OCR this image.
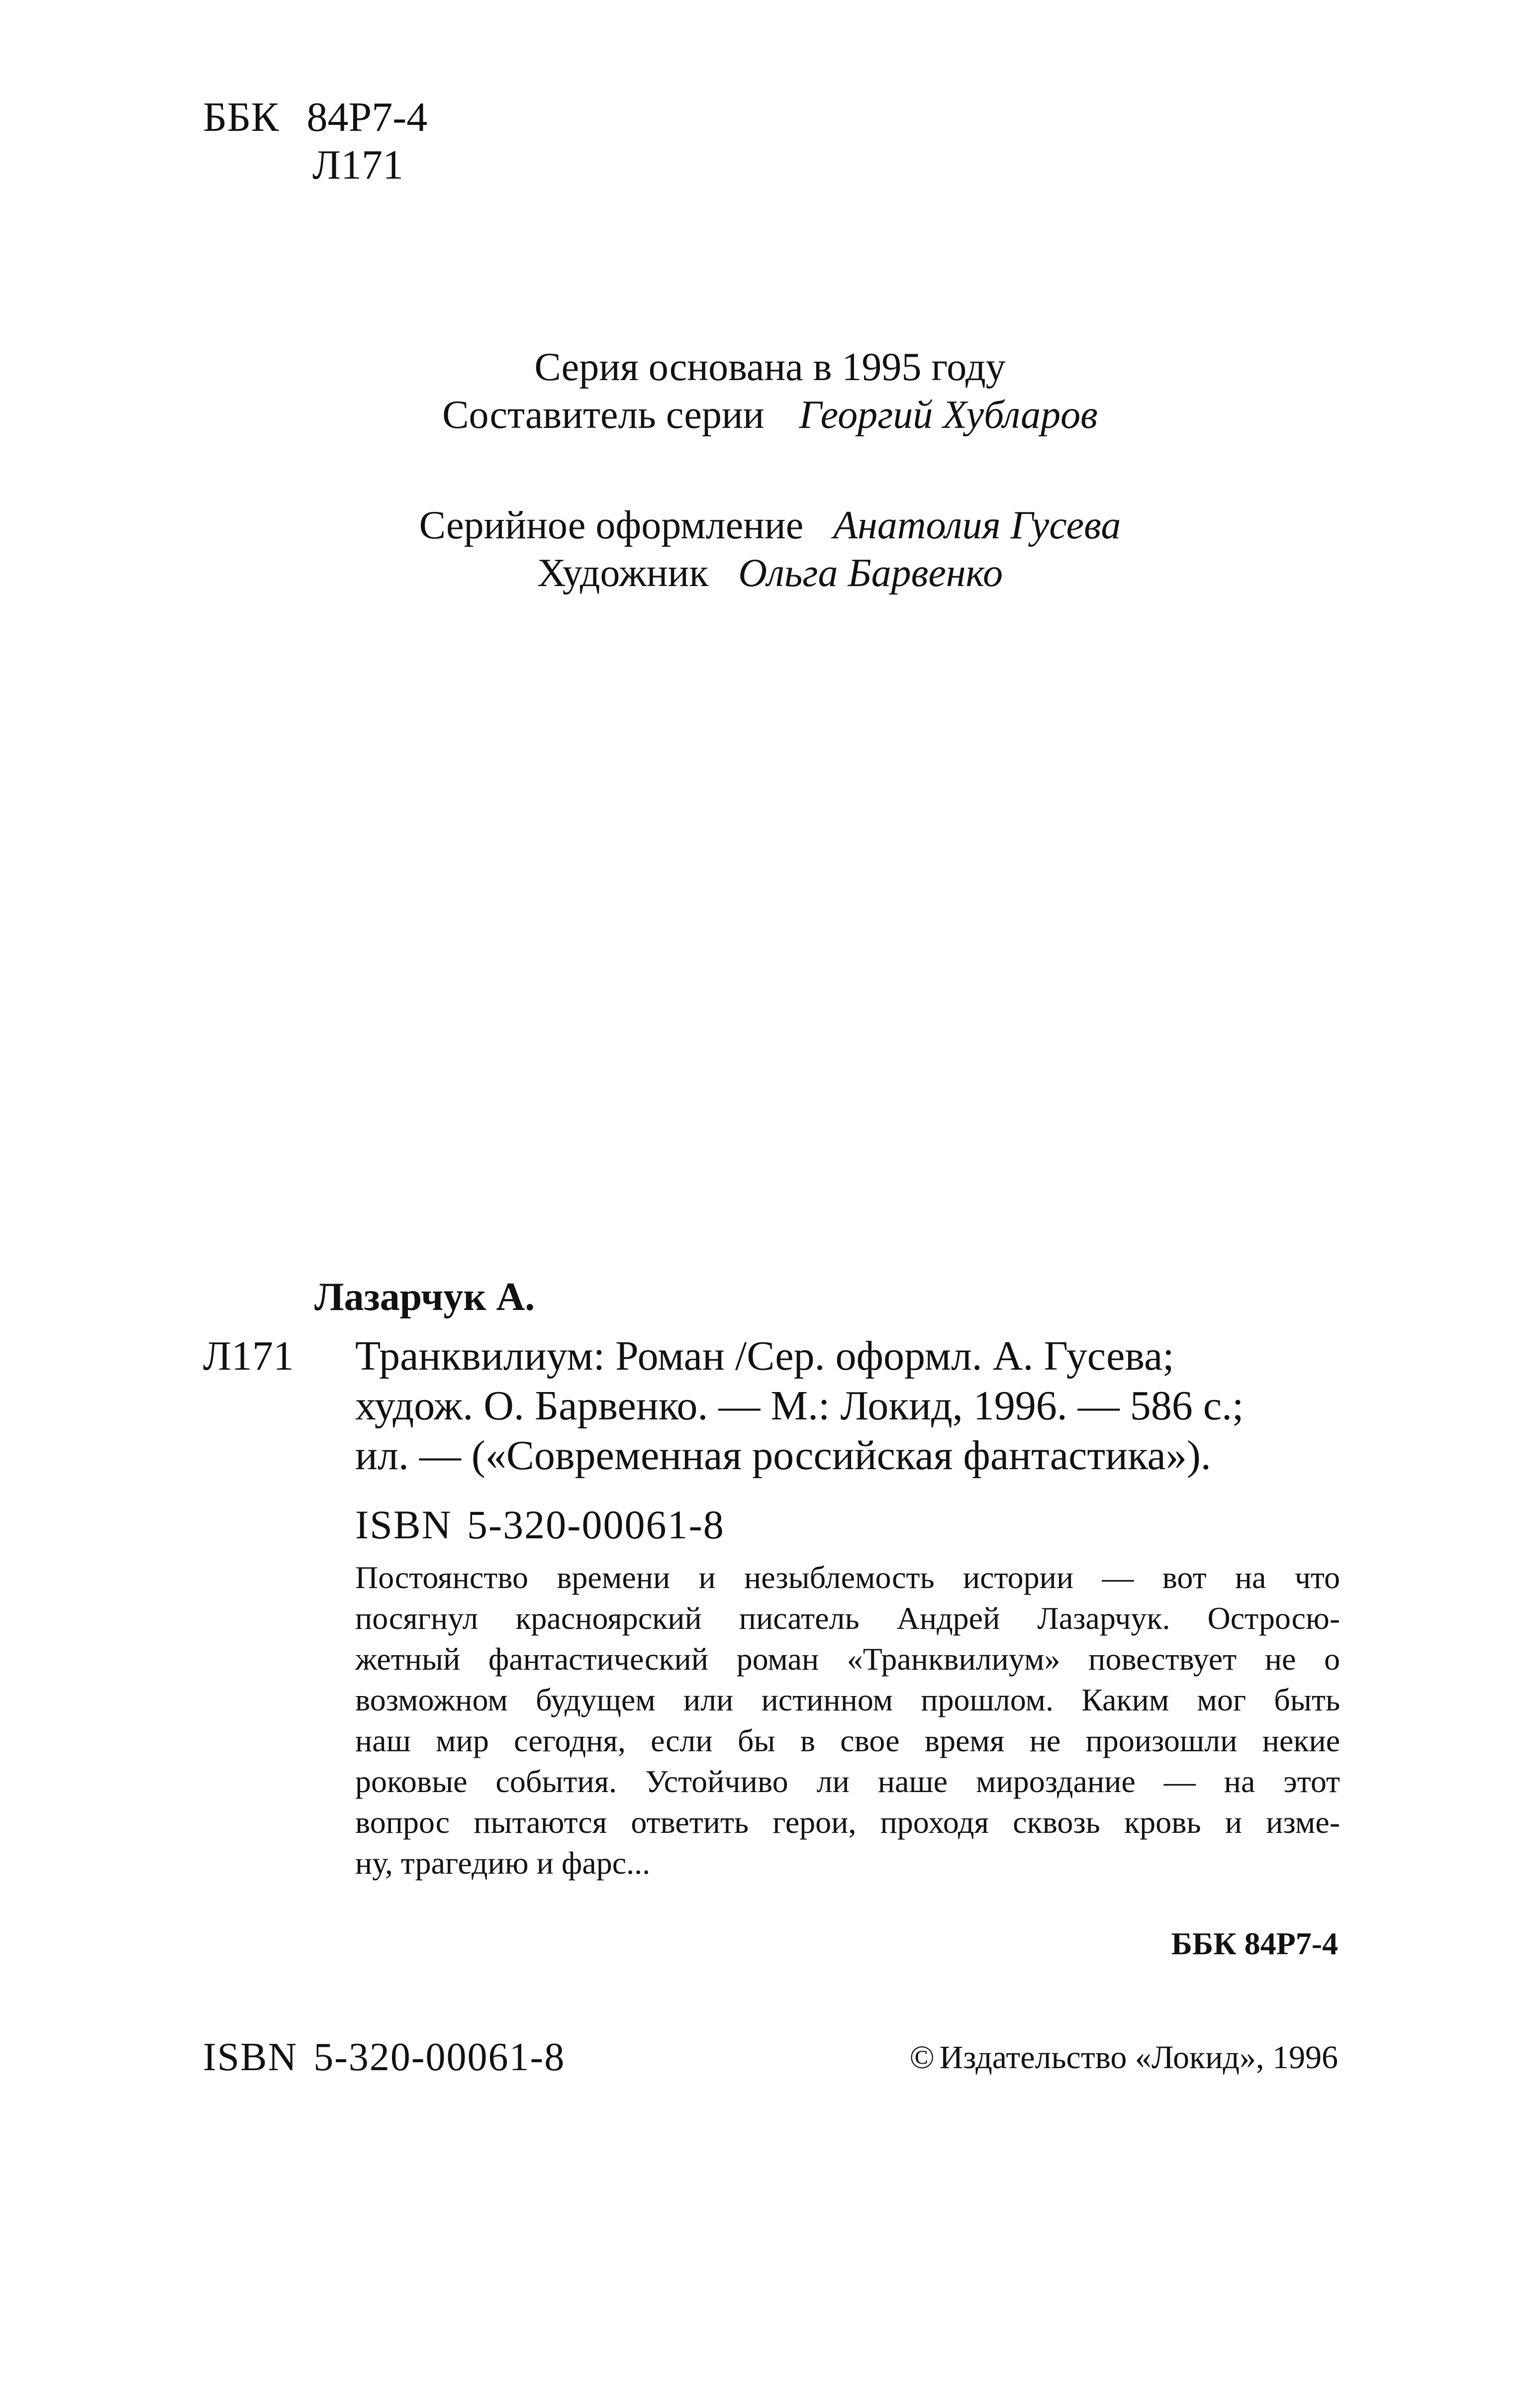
ББК 84Р7-4
Л171
Серия основана в 1995 году
Составитель серии Георгий Хубларов
Серийное оформление Анатолия Гусева
Художник Ольга Барвенко
Лазарчук А.
Л171 Транквилиум: Роман /Сер. оформл. А. Гусева;
худож. О. Барвенко. — М.: Локид, 1996. — 586 с.;
ил. — («Современная российская фантастика»).
ISBN 5-320-00061-8
Постоянство времени и незыблемость истории — вот на что
посягнул красноярский писатель Андрей Лазарчук. Остросю-
жетный фантастический роман «Транквилиум» повествует не о
возможном будущем или истинном прошлом. Каким мог быть
наш мир сегодня, если бы в свое время не произошли некие
роковые события. Устойчиво ли наше мироздание — на этот
вопрос пытаются ответить герои, проходя сквозь кровь и изме-
ну, трагедию и фарс...
ББК 84Р7-4
ISBN 5-320-00061-8	© Издательство «Локид», 1996
